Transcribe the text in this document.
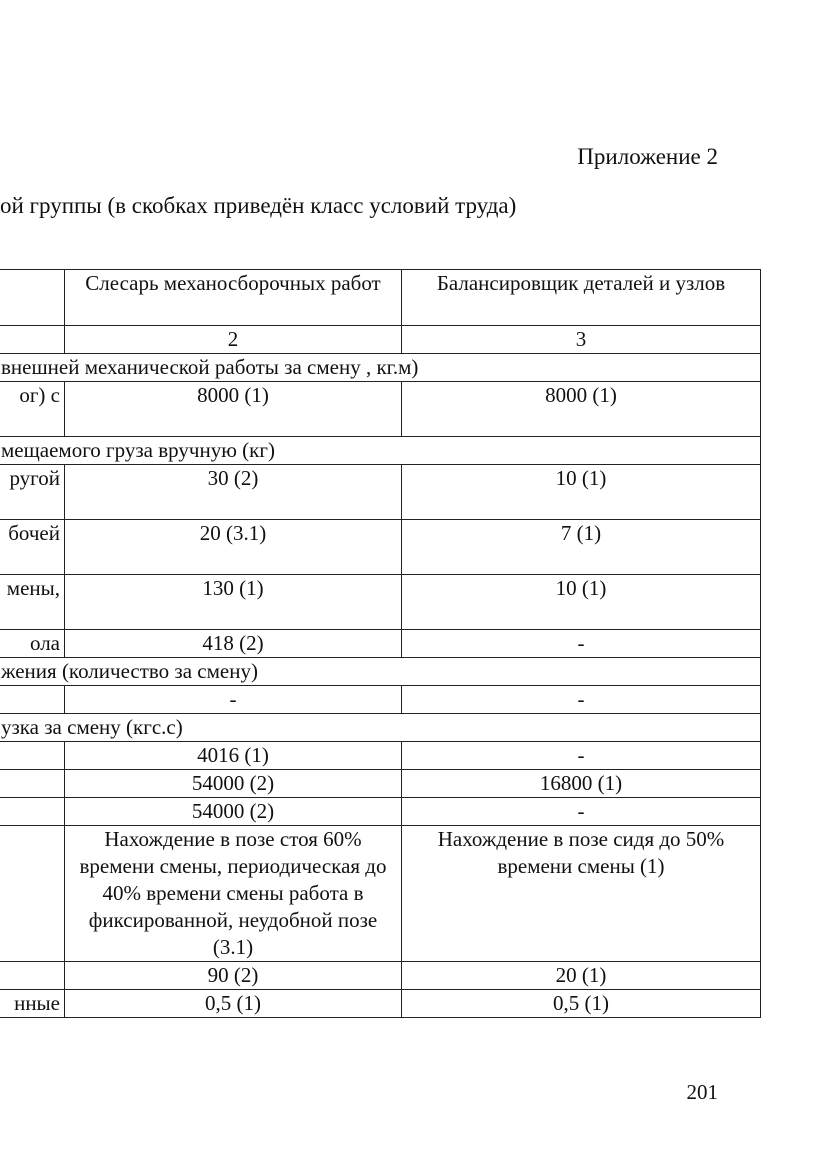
Приложение 2
ой группы (в скобках приведён класс условий труда)
	Слесарь механосборочных работ	Балансировщик деталей и узлов
	2	3
внешней механической работы за смену , кг.м)		
ог) с	8000 (1)	8000 (1)
мещаемого груза вручную (кг)		
ругой	30 (2)	10 (1)
бочей	20 (3.1)	7 (1)
мены,	130 (1)	10 (1)
ола	418 (2)	-
жения (количество за смену)		
	-	-
узка за смену (кгс.с)		
	4016 (1)	-
	54000 (2)	16800 (1)
	54000 (2)	-
	Нахождение в позе стоя 60% времени смены, периодическая до 40% времени смены работа в фиксированной, неудобной позе (3.1)	Нахождение в позе сидя до 50% времени смены (1)
	90 (2)	20 (1)
нные	0,5 (1)	0,5 (1)
201
